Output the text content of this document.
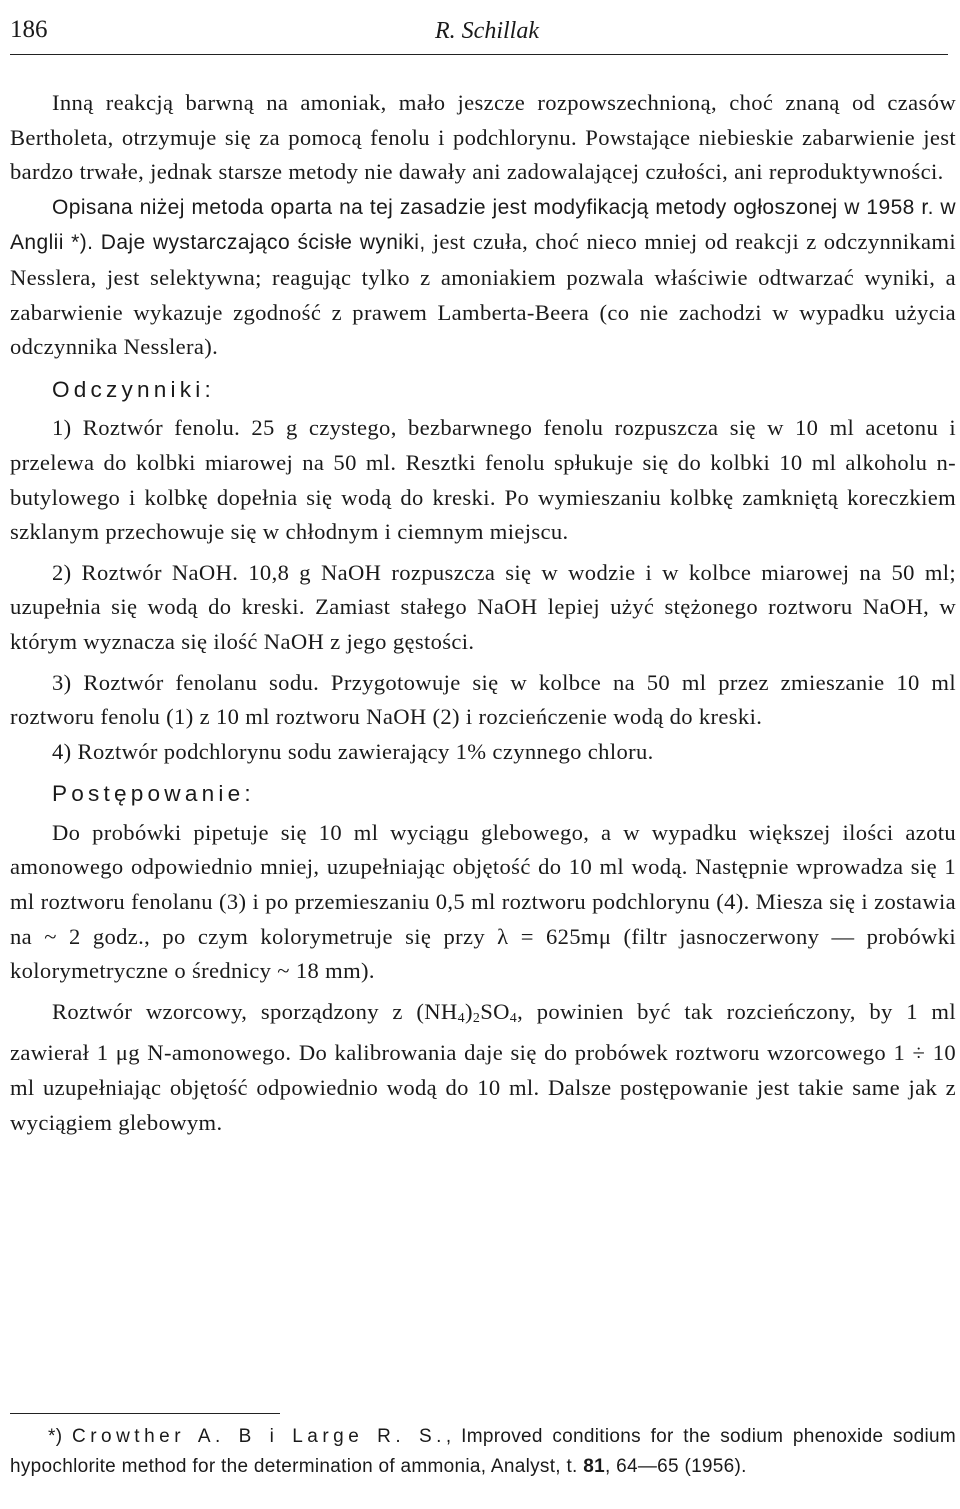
186	R. Schillak

Inną reakcją barwną na amoniak, mało jeszcze rozpowszechnioną, choć znaną od czasów Bertholeta, otrzymuje się za pomocą fenolu i podchlorynu. Powstające niebieskie zabarwienie jest bardzo trwałe, jednak starsze metody nie dawały ani zadowalającej czułości, ani reproduktywności.

Opisana niżej metoda oparta na tej zasadzie jest modyfikacją metody ogłoszonej w 1958 r. w Anglii *). Daje wystarczająco ścisłe wyniki, jest czuła, choć nieco mniej od reakcji z odczynnikami Nesslera, jest selektywna; reagując tylko z amoniakiem pozwala właściwie odtwarzać wyniki, a zabarwienie wykazuje zgodność z prawem Lamberta-Beera (co nie zachodzi w wypadku użycia odczynnika Nesslera).

Odczynniki:

1) Roztwór fenolu. 25 g czystego, bezbarwnego fenolu rozpuszcza się w 10 ml acetonu i przelewa do kolbki miarowej na 50 ml. Resztki fenolu spłukuje się do kolbki 10 ml alkoholu n-butylowego i kolbkę dopełnia się wodą do kreski. Po wymieszaniu kolbkę zamkniętą koreczkiem szklanym przechowuje się w chłodnym i ciemnym miejscu.

2) Roztwór NaOH. 10,8 g NaOH rozpuszcza się w wodzie i w kolbce miarowej na 50 ml; uzupełnia się wodą do kreski. Zamiast stałego NaOH lepiej użyć stężonego roztworu NaOH, w którym wyznacza się ilość NaOH z jego gęstości.

3) Roztwór fenolanu sodu. Przygotowuje się w kolbce na 50 ml przez zmieszanie 10 ml roztworu fenolu (1) z 10 ml roztworu NaOH (2) i rozcieńczenie wodą do kreski.

4) Roztwór podchlorynu sodu zawierający 1% czynnego chloru.

Postępowanie:

Do probówki pipetuje się 10 ml wyciągu glebowego, a w wypadku większej ilości azotu amonowego odpowiednio mniej, uzupełniając objętość do 10 ml wodą. Następnie wprowadza się 1 ml roztworu fenolanu (3) i po przemieszaniu 0,5 ml roztworu podchlorynu (4). Miesza się i zostawia na ~ 2 godz., po czym kolorymetruje się przy λ = 625mμ (filtr jasnoczerwony — probówki kolorymetryczne o średnicy ~ 18 mm).

Roztwór wzorcowy, sporządzony z $(NH_4)_2SO_4$, powinien być tak rozcieńczony, by 1 ml zawierał 1 μg N-amonowego. Do kalibrowania daje się do probówek roztworu wzorcowego 1 ÷ 10 ml uzupełniając objętość odpowiednio wodą do 10 ml. Dalsze postępowanie jest takie same jak z wyciągiem glebowym.

*) Crowther A. B i Large R. S., Improved conditions for the sodium phenoxide sodium hypochlorite method for the determination of ammonia, Analyst, t. 81, 64—65 (1956).
